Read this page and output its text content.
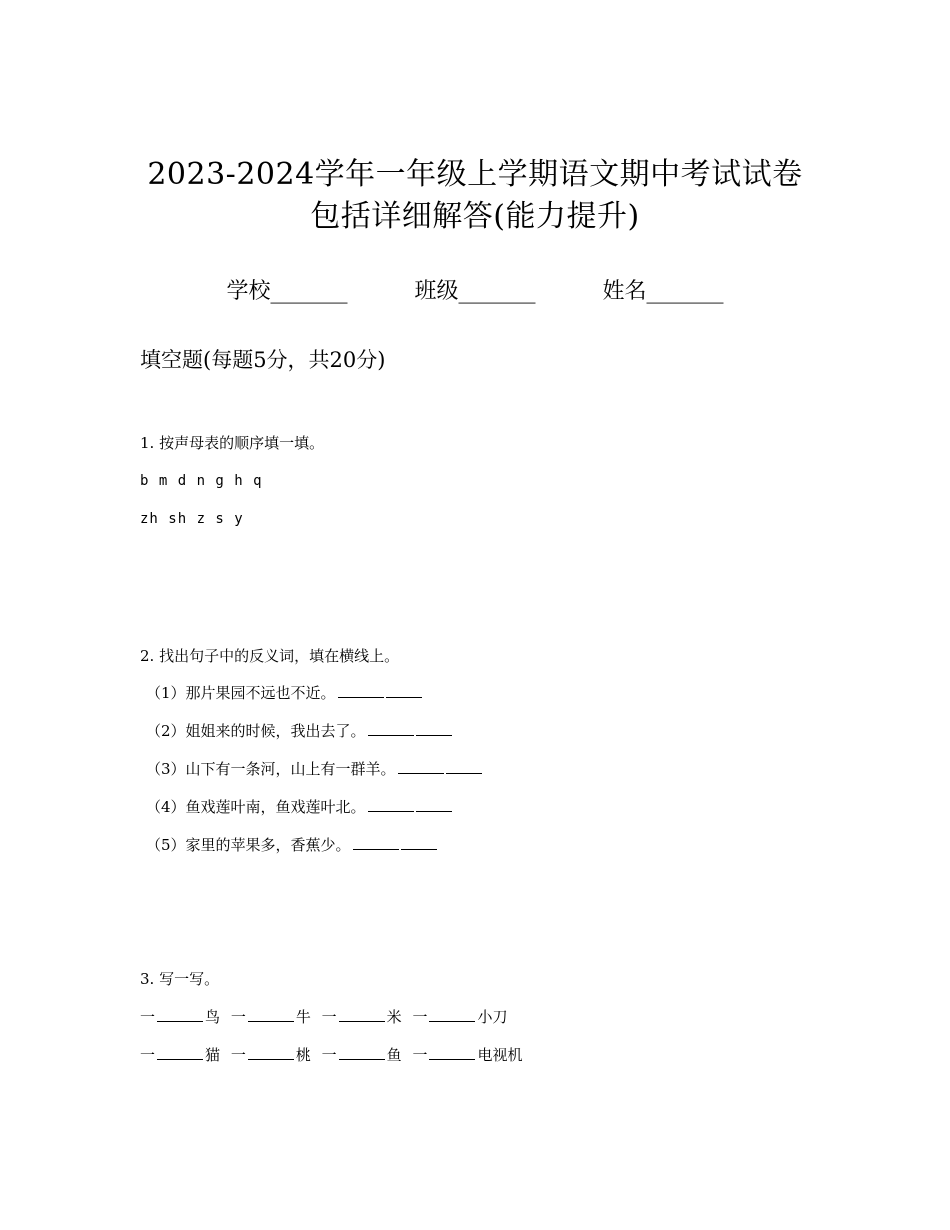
2023-2024学年一年级上学期语文期中考试试卷
包括详细解答(能力提升)
学校_______	班级_______	姓名_______
填空题(每题5分，共20分)
1. 按声母表的顺序填一填。
b m d n g h q
zh sh z s y
2. 找出句子中的反义词，填在横线上。
（1）那片果园不远也不近。
（2）姐姐来的时候，我出去了。
（3）山下有一条河，山上有一群羊。
（4）鱼戏莲叶南，鱼戏莲叶北。
（5）家里的苹果多，香蕉少。
3. 写一写。
一	鸟 一	牛 一	米 一	小刀
一	猫 一	桃 一	鱼 一	电视机
